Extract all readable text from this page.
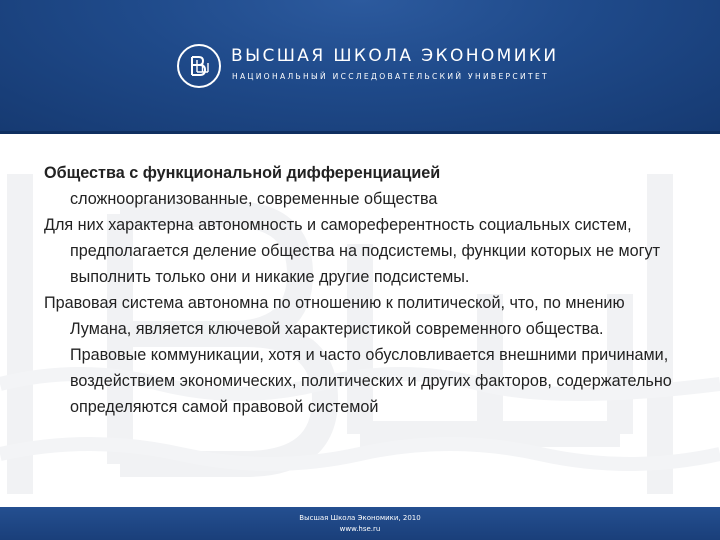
ВЫСШАЯ ШКОЛА ЭКОНОМИКИ
НАЦИОНАЛЬНЫЙ ИССЛЕДОВАТЕЛЬСКИЙ УНИВЕРСИТЕТ

Общества с функциональной дифференциацией
сложноорганизованные, современные общества

Для них характерна автономность и самореферентность социальных систем, предполагается деление общества на подсистемы, функции которых не могут выполнить только они и никакие другие подсистемы.

Правовая система автономна по отношению к политической, что, по мнению Лумана, является ключевой характеристикой современного общества. Правовые коммуникации, хотя и часто обусловливается внешними причинами, воздействием экономических, политических и других факторов, содержательно определяются самой правовой системой

Высшая Школа Экономики, 2010
www.hse.ru
